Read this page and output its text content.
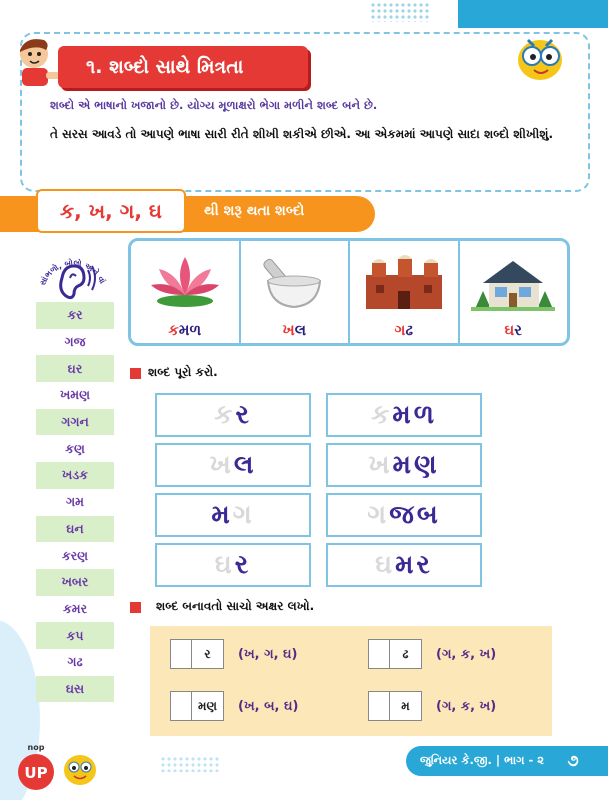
૧. શબ્દો સાથે મિત્રતા
શબ્દો એ ભાષાનો ખજાનો છે. યોગ્ય મૂળાક્ષરો ભેગા મળીને શબ્દ બને છે.
તે સરસ આવડે તો આપણે ભાષા સારી રીતે શીખી શકીએ છીએ. આ એકમમાં આપણે સાદા શબ્દો શીખીશું.
ક, ખ, ગ, ઘ	થી શરૂ થતા શબ્દો
સાંભળો, બોલો અને વાં
કર
ગજ
ઘર
ખમણ
ગગન
કણ
ખડક
ગમ
ઘન
કરણ
ખબર
કમર
કપ
ગઢ
ઘસ
કમળ	ખલ	ગઢ	ઘર
શબ્દ પૂરો કરો.
ક ર	ક મળ
ખ લ	ખ મણ
મ ગ	ગ જબ
ઘ ર	ઘ મર
શબ્દ બનાવતો સાચો અક્ષર લખો.
ર	(ખ, ગ, ઘ)	ઢ	(ગ, ક, ખ)
મણ	(ખ, બ, ઘ)	મ	(ગ, ક, ખ)
UP
nop
જુનિયર કે.જી. | ભાગ - ૨	૭
